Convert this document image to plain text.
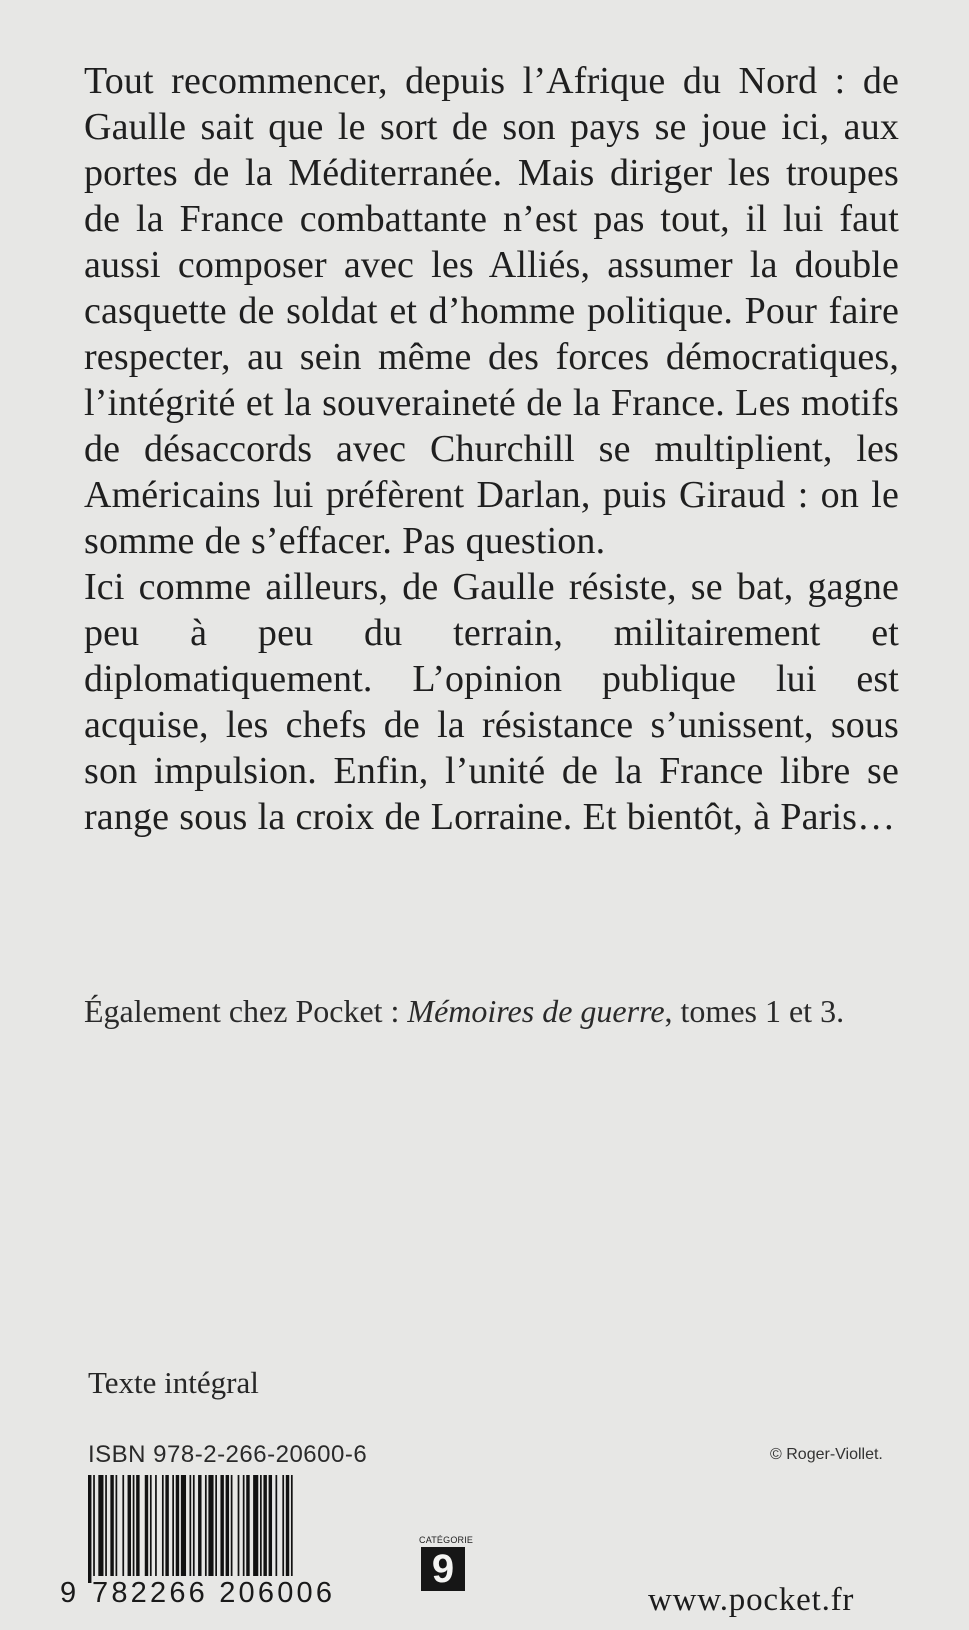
Tout recommencer, depuis l’Afrique du Nord : de Gaulle sait que le sort de son pays se joue ici, aux portes de la Méditerranée. Mais diriger les troupes de la France combattante n’est pas tout, il lui faut aussi composer avec les Alliés, assumer la double casquette de soldat et d’homme politique. Pour faire respecter, au sein même des forces démocratiques, l’intégrité et la souveraineté de la France. Les motifs de désaccords avec Churchill se multiplient, les Américains lui préfèrent Darlan, puis Giraud : on le somme de s’effacer. Pas question.
Ici comme ailleurs, de Gaulle résiste, se bat, gagne peu à peu du terrain, militairement et diplomatiquement. L’opinion publique lui est acquise, les chefs de la résistance s’unissent, sous son impulsion. Enfin, l’unité de la France libre se range sous la croix de Lorraine. Et bientôt, à Paris…
Également chez Pocket : Mémoires de guerre, tomes 1 et 3.
Texte intégral
ISBN 978-2-266-20600-6	© Roger-Viollet.
9 782266 206006
CATÉGORIE
9
www.pocket.fr
